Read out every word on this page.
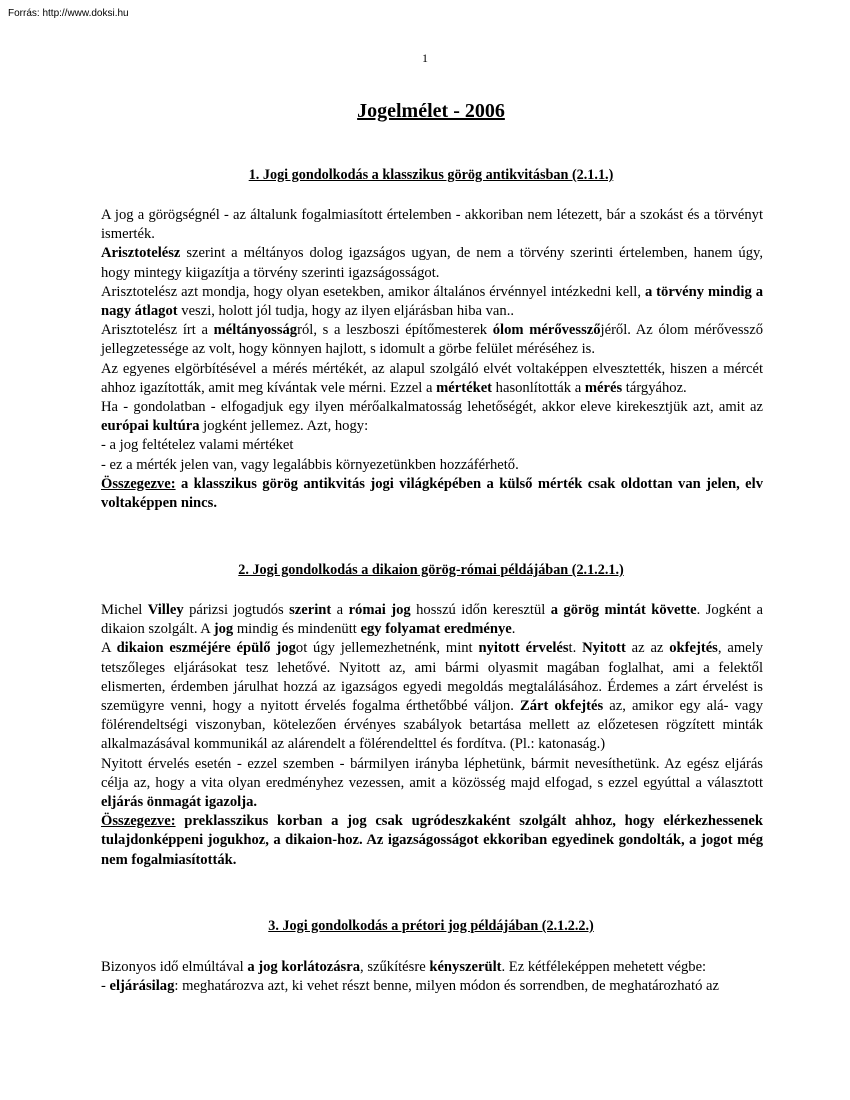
Forrás: http://www.doksi.hu
1
Jogelmélet - 2006
1. Jogi gondolkodás a klasszikus görög antikvitásban (2.1.1.)

A jog a görögségnél - az általunk fogalmiasított értelemben - akkoriban nem létezett, bár a szokást és a törvényt ismerték.

Arisztotelész szerint a méltányos dolog igazságos ugyan, de nem a törvény szerinti értelemben, hanem úgy, hogy mintegy kiigazítja a törvény szerinti igazságosságot.

Arisztotelész azt mondja, hogy olyan esetekben, amikor általános érvénnyel intézkedni kell, a törvény mindig a nagy átlagot veszi, holott jól tudja, hogy az ilyen eljárásban hiba van..

Arisztotelész írt a méltányosságról, s a leszboszi építőmesterek ólom mérővesszőjéről. Az ólom mérővessző jellegzetessége az volt, hogy könnyen hajlott, s idomult a görbe felület méréséhez is.

Az egyenes elgörbítésével a mérés mértékét, az alapul szolgáló elvét voltaképpen elvesztették, hiszen a mércét ahhoz igazították, amit meg kívántak vele mérni. Ezzel a mértéket hasonlították a mérés tárgyához.

Ha - gondolatban - elfogadjuk egy ilyen mérőalkalmatosság lehetőségét, akkor eleve kirekesztjük azt, amit az európai kultúra jogként jellemez. Azt, hogy:

- a jog feltételez valami mértéket

- ez a mérték jelen van, vagy legalábbis környezetünkben hozzáférhető.

Összegezve: a klasszikus görög antikvitás jogi világképében a külső mérték csak oldottan van jelen, elv voltaképpen nincs.

2. Jogi gondolkodás a dikaion görög-római példájában (2.1.2.1.)

Michel Villey párizsi jogtudós szerint a római jog hosszú időn keresztül a görög mintát követte. Jogként a dikaion szolgált. A jog mindig és mindenütt egy folyamat eredménye.

A dikaion eszméjére épülő jogot úgy jellemezhetnénk, mint nyitott érvelést. Nyitott az az okfejtés, amely tetszőleges eljárásokat tesz lehetővé. Nyitott az, ami bármi olyasmit magában foglalhat, ami a felektől elismerten, érdemben járulhat hozzá az igazságos egyedi megoldás megtalálásához. Érdemes a zárt érvelést is szemügyre venni, hogy a nyitott érvelés fogalma érthetőbbé váljon. Zárt okfejtés az, amikor egy alá- vagy fölérendeltségi viszonyban, kötelezően érvényes szabályok betartása mellett az előzetesen rögzített minták alkalmazásával kommunikál az alárendelt a fölérendelttel és fordítva. (Pl.: katonaság.)

Nyitott érvelés esetén - ezzel szemben - bármilyen irányba léphetünk, bármit nevesíthetünk. Az egész eljárás célja az, hogy a vita olyan eredményhez vezessen, amit a közösség majd elfogad, s ezzel egyúttal a választott eljárás önmagát igazolja.

Összegezve: preklasszikus korban a jog csak ugródeszkaként szolgált ahhoz, hogy elérkezhessenek tulajdonképpeni jogukhoz, a dikaion-hoz. Az igazságosságot ekkoriban egyedinek gondolták, a jogot még nem fogalmiasították.

3. Jogi gondolkodás a prétori jog példájában (2.1.2.2.)

Bizonyos idő elmúltával a jog korlátozásra, szűkítésre kényszerült. Ez kétféleképpen mehetett végbe:

- eljárásilag: meghatározva azt, ki vehet részt benne, milyen módon és sorrendben, de meghatározható az
